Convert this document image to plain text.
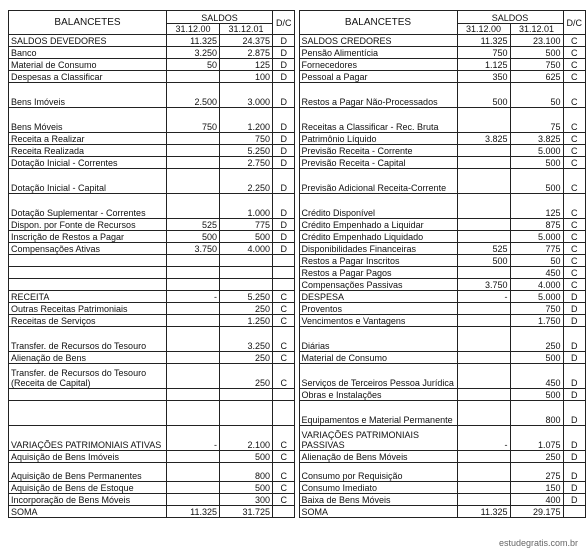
BALANCETES	SALDOS		D/C		BALANCETES	SALDOS		D/C
	31.12.00	31.12.01				31.12.00	31.12.01	
SALDOS DEVEDORES	11.325	24.375	D		SALDOS CREDORES	11.325	23.100	C
Banco	3.250	2.875	D		Pensão Alimentícia	750	500	C
Material de Consumo	50	125	D		Fornecedores	1.125	750	C
Despesas a Classificar		100	D		Pessoal a Pagar	350	625	C
Bens Imóveis	2.500	3.000	D		Restos a Pagar Não-Processados	500	50	C
Bens Móveis	750	1.200	D		Receitas a Classificar - Rec. Bruta		75	C
Receita a Realizar		750	D		Patrimônio Líquido	3.825	3.825	C
Receita Realizada		5.250	D		Previsão Receita - Corrente		5.000	C
Dotação Inicial - Correntes		2.750	D		Previsão Receita - Capital		500	C
Dotação Inicial - Capital		2.250	D		Previsão Adicional Receita-Corrente		500	C
Dotação Suplementar - Correntes		1.000	D		Crédito Disponível		125	C
Dispon. por Fonte de Recursos	525	775	D		Crédito Empenhado a Liquidar		875	C
Inscrição de Restos a Pagar	500	500	D		Crédito Empenhado Liquidado		5.000	C
Compensações Ativas	3.750	4.000	D		Disponibilidades Financeiras	525	775	C
					Restos a Pagar Inscritos	500	50	C
					Restos a Pagar Pagos		450	C
					Compensações Passivas	3.750	4.000	C
RECEITA	-	5.250	C		DESPESA	-	5.000	D
Outras Receitas Patrimoniais		250	C		Proventos		750	D
Receitas de Serviços		1.250	C		Vencimentos e Vantagens		1.750	D
Transfer. de Recursos do Tesouro		3.250	C		Diárias		250	D
Alienação de Bens		250	C		Material de Consumo		500	D
Transfer. de Recursos do Tesouro (Receita de Capital)		250	C		Serviços de Terceiros Pessoa Jurídica		450	D
					Obras e Instalações		500	D
					Equipamentos e Material Permanente		800	D
VARIAÇÕES PATRIMONIAIS ATIVAS	-	2.100	C		VARIAÇÕES PATRIMONIAIS PASSIVAS	-	1.075	D
Aquisição de Bens Imóveis		500	C		Alienação de Bens Móveis		250	D
Aquisição de Bens Permanentes		800	C		Consumo por Requisição		275	D
Aquisição de Bens de Estoque		500	C		Consumo Imediato		150	D
Incorporação de Bens Móveis		300	C		Baixa de Bens Móveis		400	D
SOMA	11.325	31.725			SOMA	11.325	29.175	
estudegratis.com.br
